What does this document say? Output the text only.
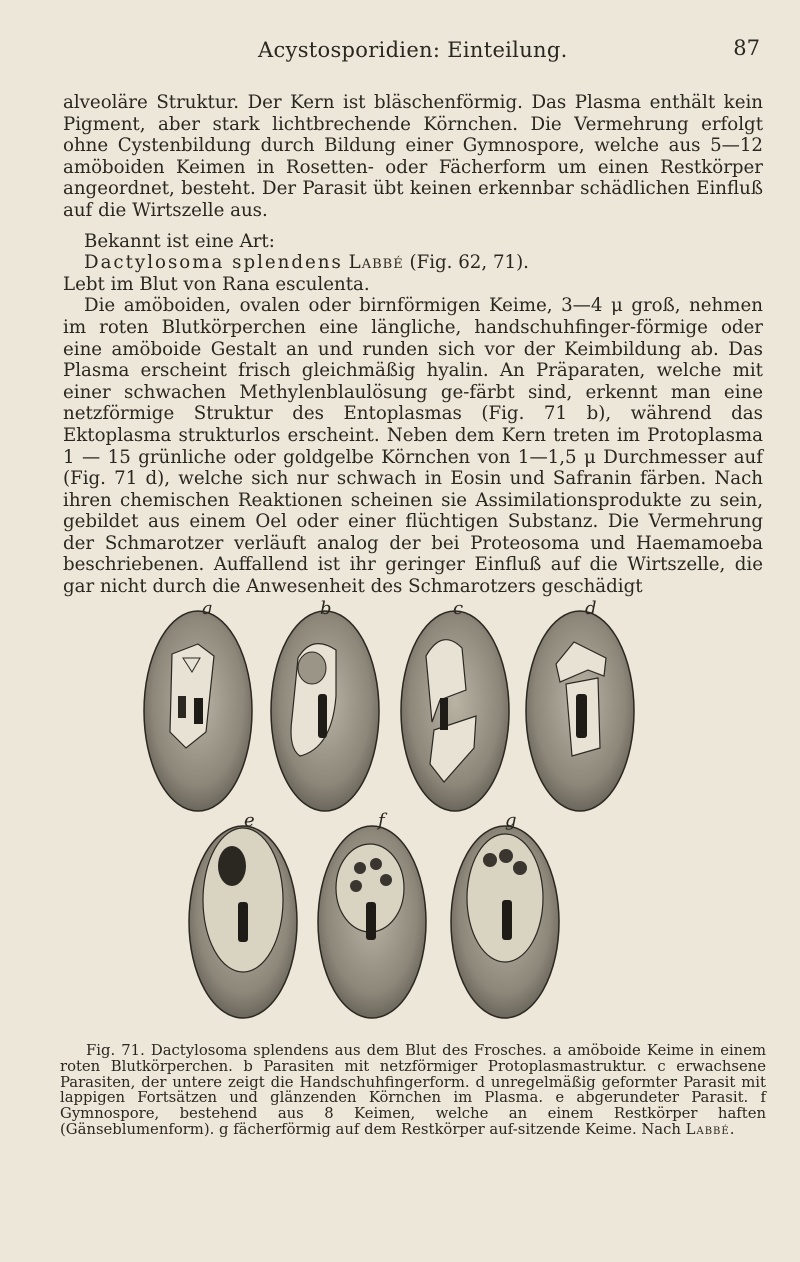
Acystosporidien: Einteilung.	87

alveoläre Struktur. Der Kern ist bläschenförmig. Das Plasma enthält kein Pigment, aber stark lichtbrechende Körnchen. Die Vermehrung erfolgt ohne Cystenbildung durch Bildung einer Gymnospore, welche aus 5—12 amöboiden Keimen in Rosetten- oder Fächerform um einen Restkörper angeordnet, besteht. Der Parasit übt keinen erkennbar schädlichen Einfluß auf die Wirtszelle aus.

Bekannt ist eine Art:

Dactylosoma splendens Labbé (Fig. 62, 71).

Lebt im Blut von Rana esculenta.

Die amöboiden, ovalen oder birnförmigen Keime, 3—4 μ groß, nehmen im roten Blutkörperchen eine längliche, handschuhfinger-förmige oder eine amöboide Gestalt an und runden sich vor der Keimbildung ab. Das Plasma erscheint frisch gleichmäßig hyalin. An Präparaten, welche mit einer schwachen Methylenblaulösung ge-färbt sind, erkennt man eine netzförmige Struktur des Entoplasmas (Fig. 71 b), während das Ektoplasma strukturlos erscheint. Neben dem Kern treten im Protoplasma 1 — 15 grünliche oder goldgelbe Körnchen von 1—1,5 μ Durchmesser auf (Fig. 71 d), welche sich nur schwach in Eosin und Safranin färben. Nach ihren chemischen Reaktionen scheinen sie Assimilationsprodukte zu sein, gebildet aus einem Oel oder einer flüchtigen Substanz. Die Vermehrung der Schmarotzer verläuft analog der bei Proteosoma und Haemamoeba beschriebenen. Auffallend ist ihr geringer Einfluß auf die Wirtszelle, die gar nicht durch die Anwesenheit des Schmarotzers geschädigt

a	b	c	d
e	f	g
Fig. 71. Dactylosoma splendens aus dem Blut des Frosches. a amöboide Keime in einem roten Blutkörperchen. b Parasiten mit netzförmiger Protoplasmastruktur. c erwachsene Parasiten, der untere zeigt die Handschuhfingerform. d unregelmäßig geformter Parasit mit lappigen Fortsätzen und glänzenden Körnchen im Plasma. e abgerundeter Parasit. f Gymnospore, bestehend aus 8 Keimen, welche an einem Restkörper haften (Gänseblumenform). g fächerförmig auf dem Restkörper auf-sitzende Keime. Nach Labbé.
